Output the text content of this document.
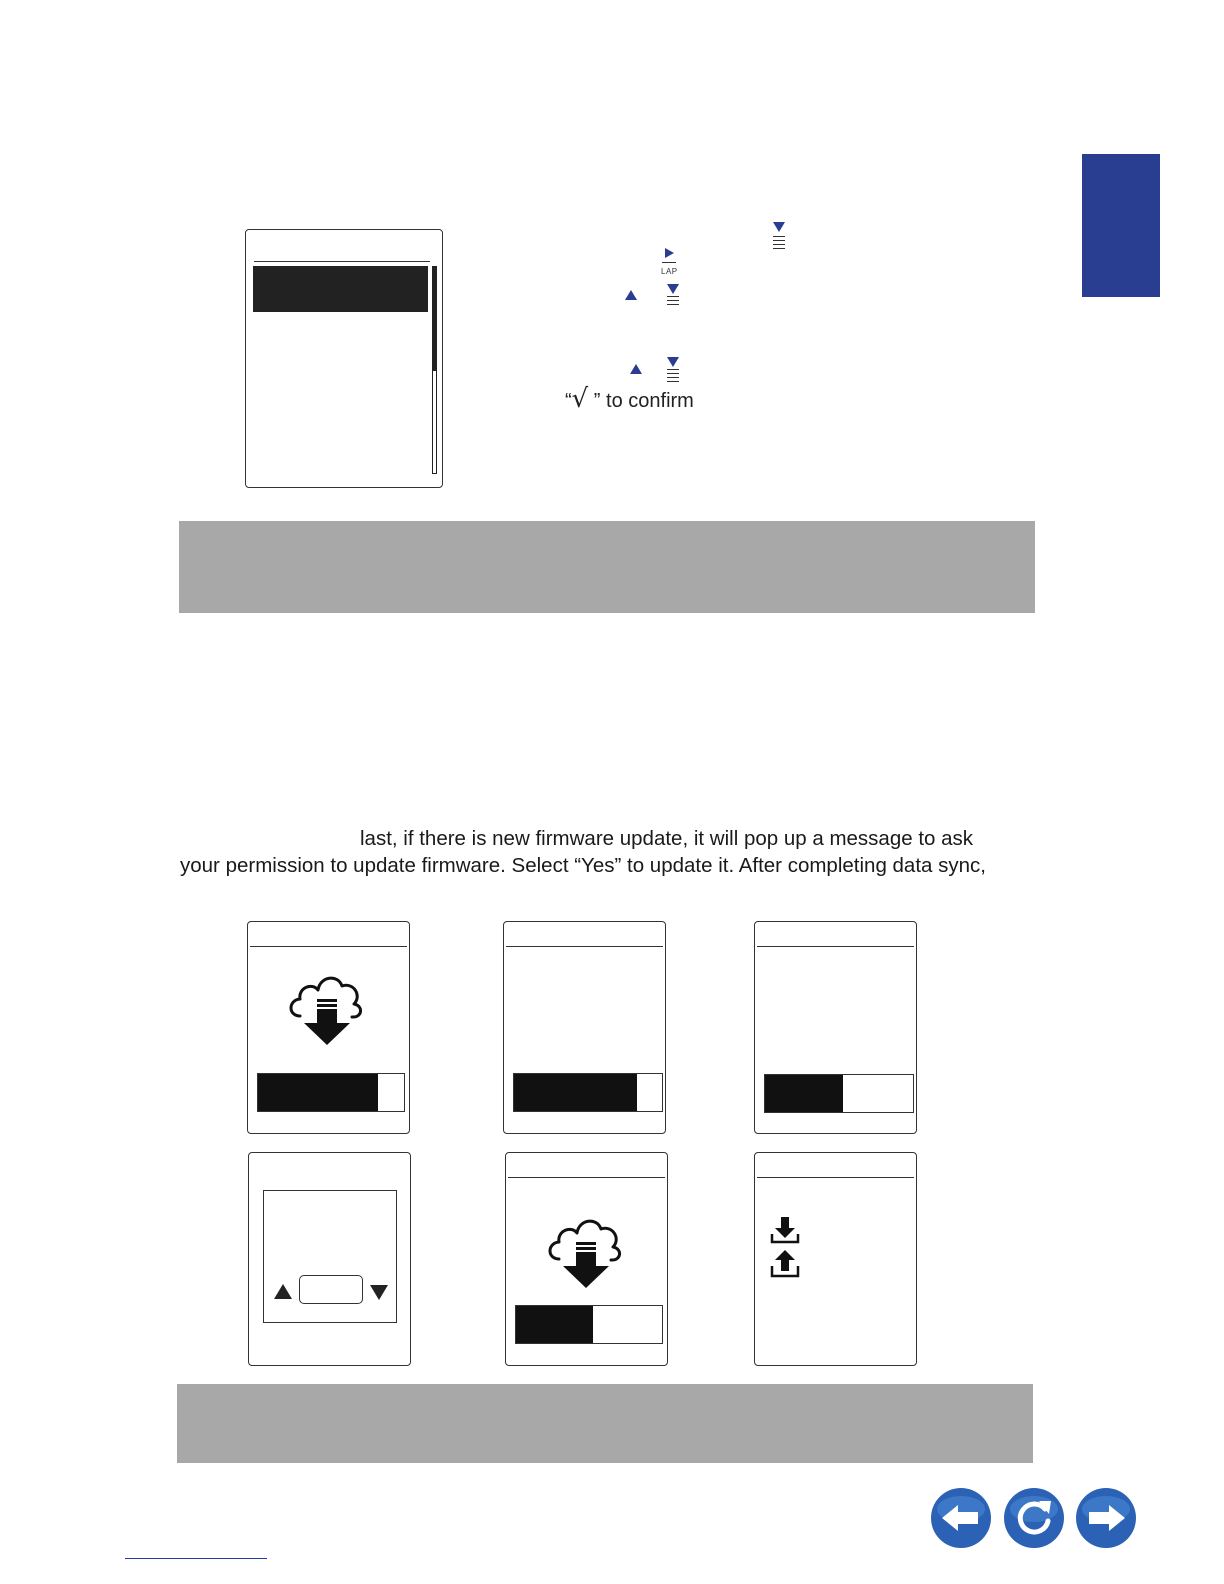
LAP
“√ ” to confirm
last, if there is new firmware update, it will pop up a message to ask
your permission to update firmware. Select “Yes” to update it. After completing data sync,
